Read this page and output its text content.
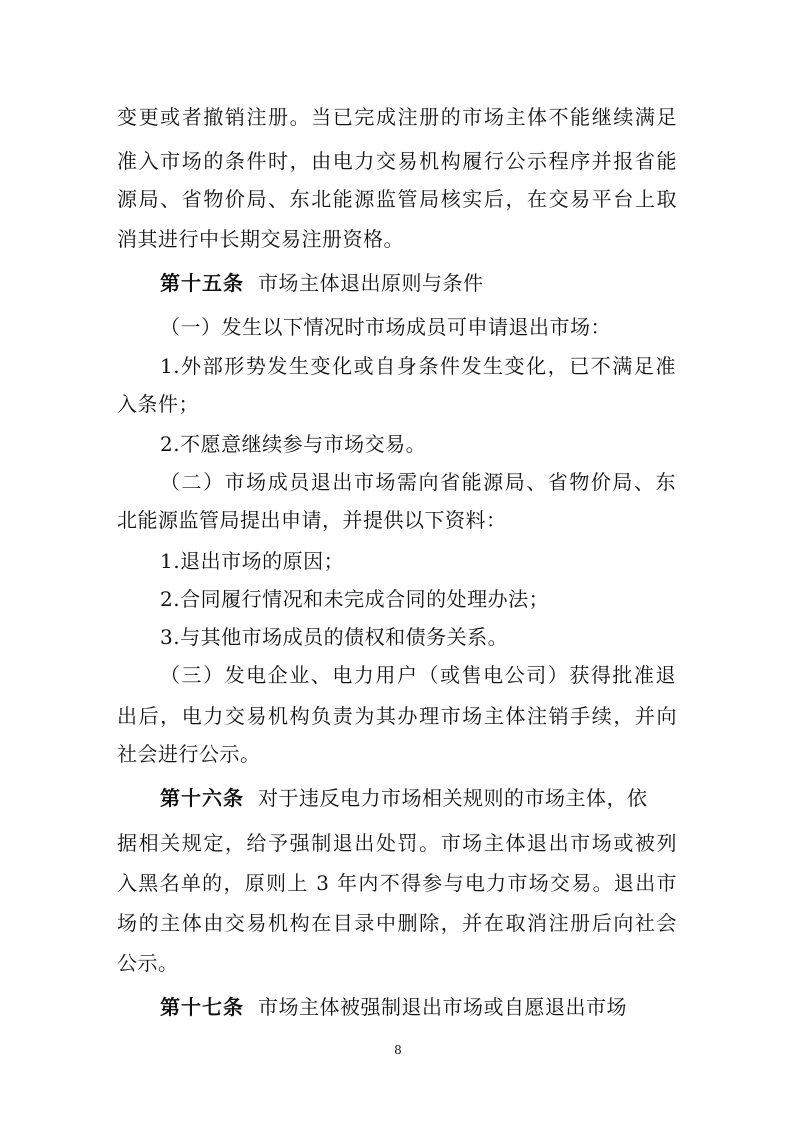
变更或者撤销注册。当已完成注册的市场主体不能继续满足
准入市场的条件时，由电力交易机构履行公示程序并报省能
源局、省物价局、东北能源监管局核实后，在交易平台上取
消其进行中长期交易注册资格。
第十五条 市场主体退出原则与条件
（一）发生以下情况时市场成员可申请退出市场：
1.外部形势发生变化或自身条件发生变化，已不满足准
入条件；
2.不愿意继续参与市场交易。
（二）市场成员退出市场需向省能源局、省物价局、东
北能源监管局提出申请，并提供以下资料：
1.退出市场的原因；
2.合同履行情况和未完成合同的处理办法；
3.与其他市场成员的债权和债务关系。
（三）发电企业、电力用户（或售电公司）获得批准退
出后，电力交易机构负责为其办理市场主体注销手续，并向
社会进行公示。
第十六条 对于违反电力市场相关规则的市场主体，依
据相关规定，给予强制退出处罚。市场主体退出市场或被列
入黑名单的，原则上 3 年内不得参与电力市场交易。退出市
场的主体由交易机构在目录中删除，并在取消注册后向社会
公示。
第十七条 市场主体被强制退出市场或自愿退出市场
8
